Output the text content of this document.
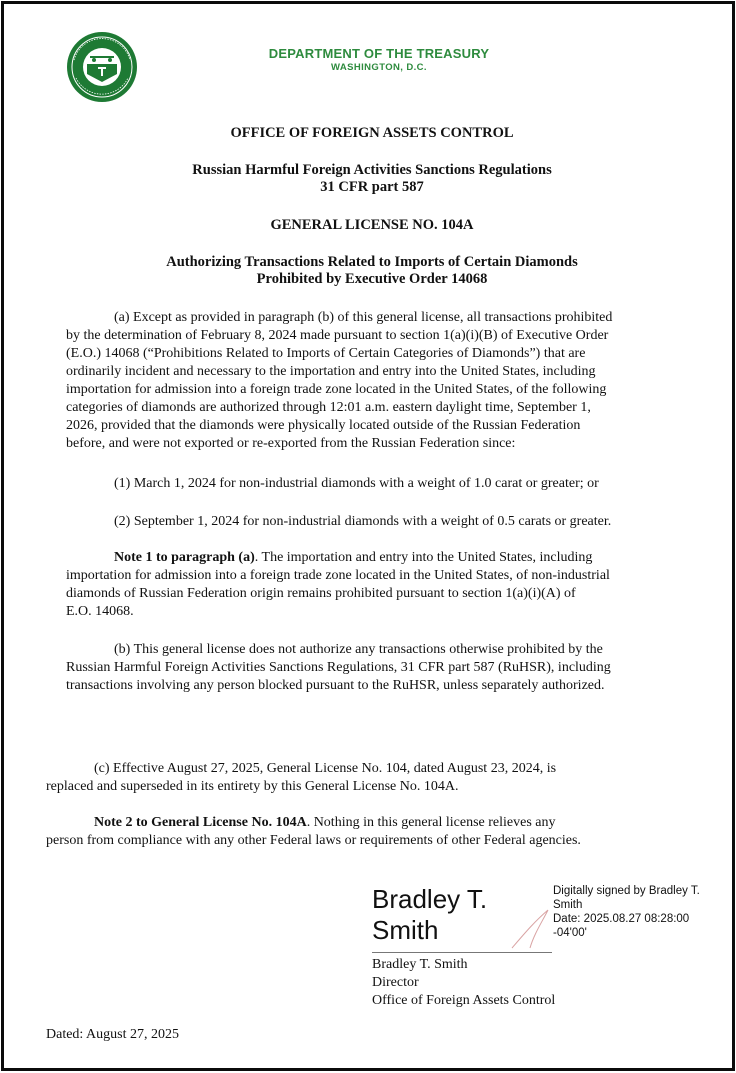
DEPARTMENT OF THE TREASURY
WASHINGTON, D.C.
OFFICE OF FOREIGN ASSETS CONTROL
Russian Harmful Foreign Activities Sanctions Regulations
31 CFR part 587
GENERAL LICENSE NO. 104A
Authorizing Transactions Related to Imports of Certain Diamonds
Prohibited by Executive Order 14068
(a) Except as provided in paragraph (b) of this general license, all transactions prohibited
by the determination of February 8, 2024 made pursuant to section 1(a)(i)(B) of Executive Order
(E.O.) 14068 (“Prohibitions Related to Imports of Certain Categories of Diamonds”) that are
ordinarily incident and necessary to the importation and entry into the United States, including
importation for admission into a foreign trade zone located in the United States, of the following
categories of diamonds are authorized through 12:01 a.m. eastern daylight time, September 1,
2026, provided that the diamonds were physically located outside of the Russian Federation
before, and were not exported or re-exported from the Russian Federation since:
(1) March 1, 2024 for non-industrial diamonds with a weight of 1.0 carat or greater; or
(2) September 1, 2024 for non-industrial diamonds with a weight of 0.5 carats or greater.
Note 1 to paragraph (a). The importation and entry into the United States, including
importation for admission into a foreign trade zone located in the United States, of non-industrial
diamonds of Russian Federation origin remains prohibited pursuant to section 1(a)(i)(A) of
E.O. 14068.
(b) This general license does not authorize any transactions otherwise prohibited by the
Russian Harmful Foreign Activities Sanctions Regulations, 31 CFR part 587 (RuHSR), including
transactions involving any person blocked pursuant to the RuHSR, unless separately authorized.
(c) Effective August 27, 2025, General License No. 104, dated August 23, 2024, is
replaced and superseded in its entirety by this General License No. 104A.
Note 2 to General License No. 104A. Nothing in this general license relieves any
person from compliance with any other Federal laws or requirements of other Federal agencies.
Bradley T.
Smith
Digitally signed by Bradley T.
Smith
Date: 2025.08.27 08:28:00
-04'00'
Bradley T. Smith
Director
Office of Foreign Assets Control
Dated: August 27, 2025
